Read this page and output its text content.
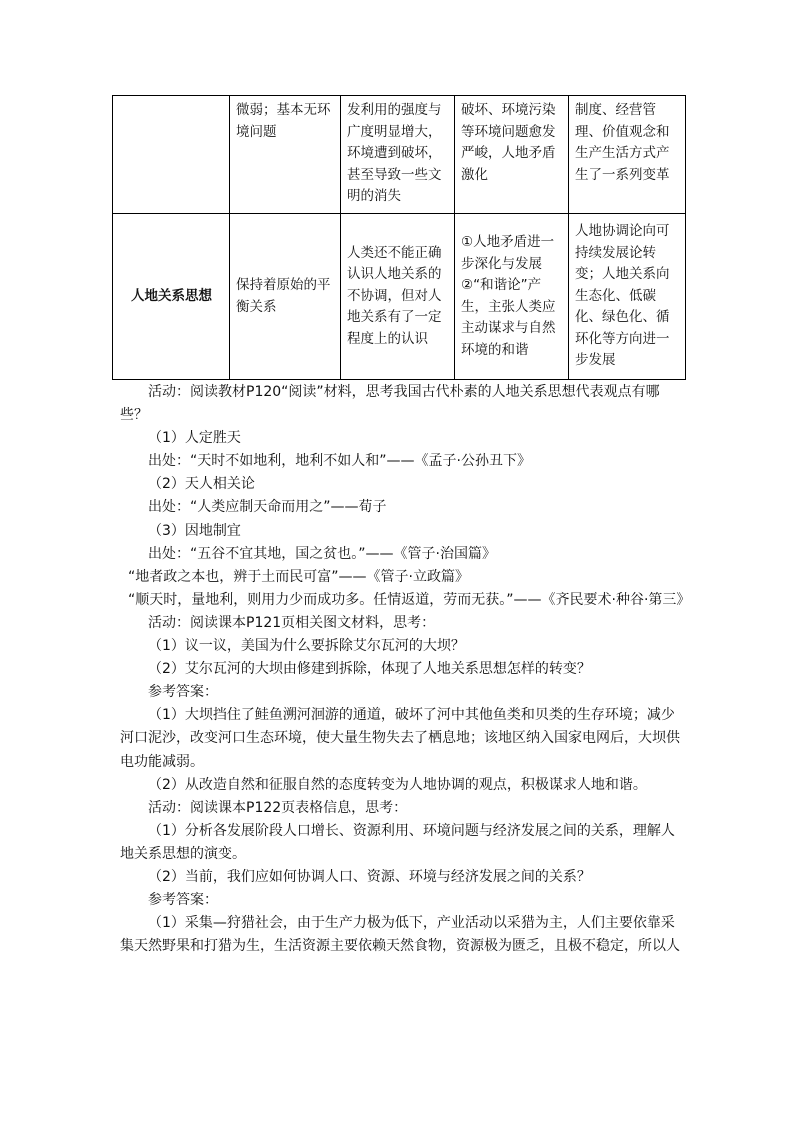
	微弱；基本无环境问题	发利用的强度与广度明显增大，环境遭到破坏，甚至导致一些文明的消失	破坏、环境污染等环境问题愈发严峻，人地矛盾激化	制度、经营管理、价值观念和生产生活方式产生了一系列变革
人地关系思想	保持着原始的平衡关系	人类还不能正确认识人地关系的不协调，但对人地关系有了一定程度上的认识	①人地矛盾进一步深化与发展②“和谐论”产生，主张人类应主动谋求与自然环境的和谐	人地协调论向可持续发展论转变；人地关系向生态化、低碳化、绿色化、循环化等方向进一步发展

活动：阅读教材P120“阅读”材料，思考我国古代朴素的人地关系思想代表观点有哪些？

（1）人定胜天

出处：“天时不如地利，地利不如人和”——《孟子·公孙丑下》

（2）天人相关论

出处：“人类应制天命而用之”——荀子

（3）因地制宜

出处：“五谷不宜其地，国之贫也。”——《管子·治国篇》

“地者政之本也，辨于土而民可富”——《管子·立政篇》

“顺天时，量地利，则用力少而成功多。任情返道，劳而无获。”——《齐民要术·种谷·第三》

活动：阅读课本P121页相关图文材料，思考：

（1）议一议，美国为什么要拆除艾尔瓦河的大坝？

（2）艾尔瓦河的大坝由修建到拆除，体现了人地关系思想怎样的转变？

参考答案：

（1）大坝挡住了鲑鱼溯河洄游的通道，破坏了河中其他鱼类和贝类的生存环境；减少河口泥沙，改变河口生态环境，使大量生物失去了栖息地；该地区纳入国家电网后，大坝供电功能减弱。

（2）从改造自然和征服自然的态度转变为人地协调的观点，积极谋求人地和谐。

活动：阅读课本P122页表格信息，思考：

（1）分析各发展阶段人口增长、资源利用、环境问题与经济发展之间的关系，理解人地关系思想的演变。

（2）当前，我们应如何协调人口、资源、环境与经济发展之间的关系？

参考答案：

（1）采集—狩猎社会，由于生产力极为低下，产业活动以采猎为主，人们主要依靠采集天然野果和打猎为生，生活资源主要依赖天然食物，资源极为匮乏，且极不稳定，所以人
